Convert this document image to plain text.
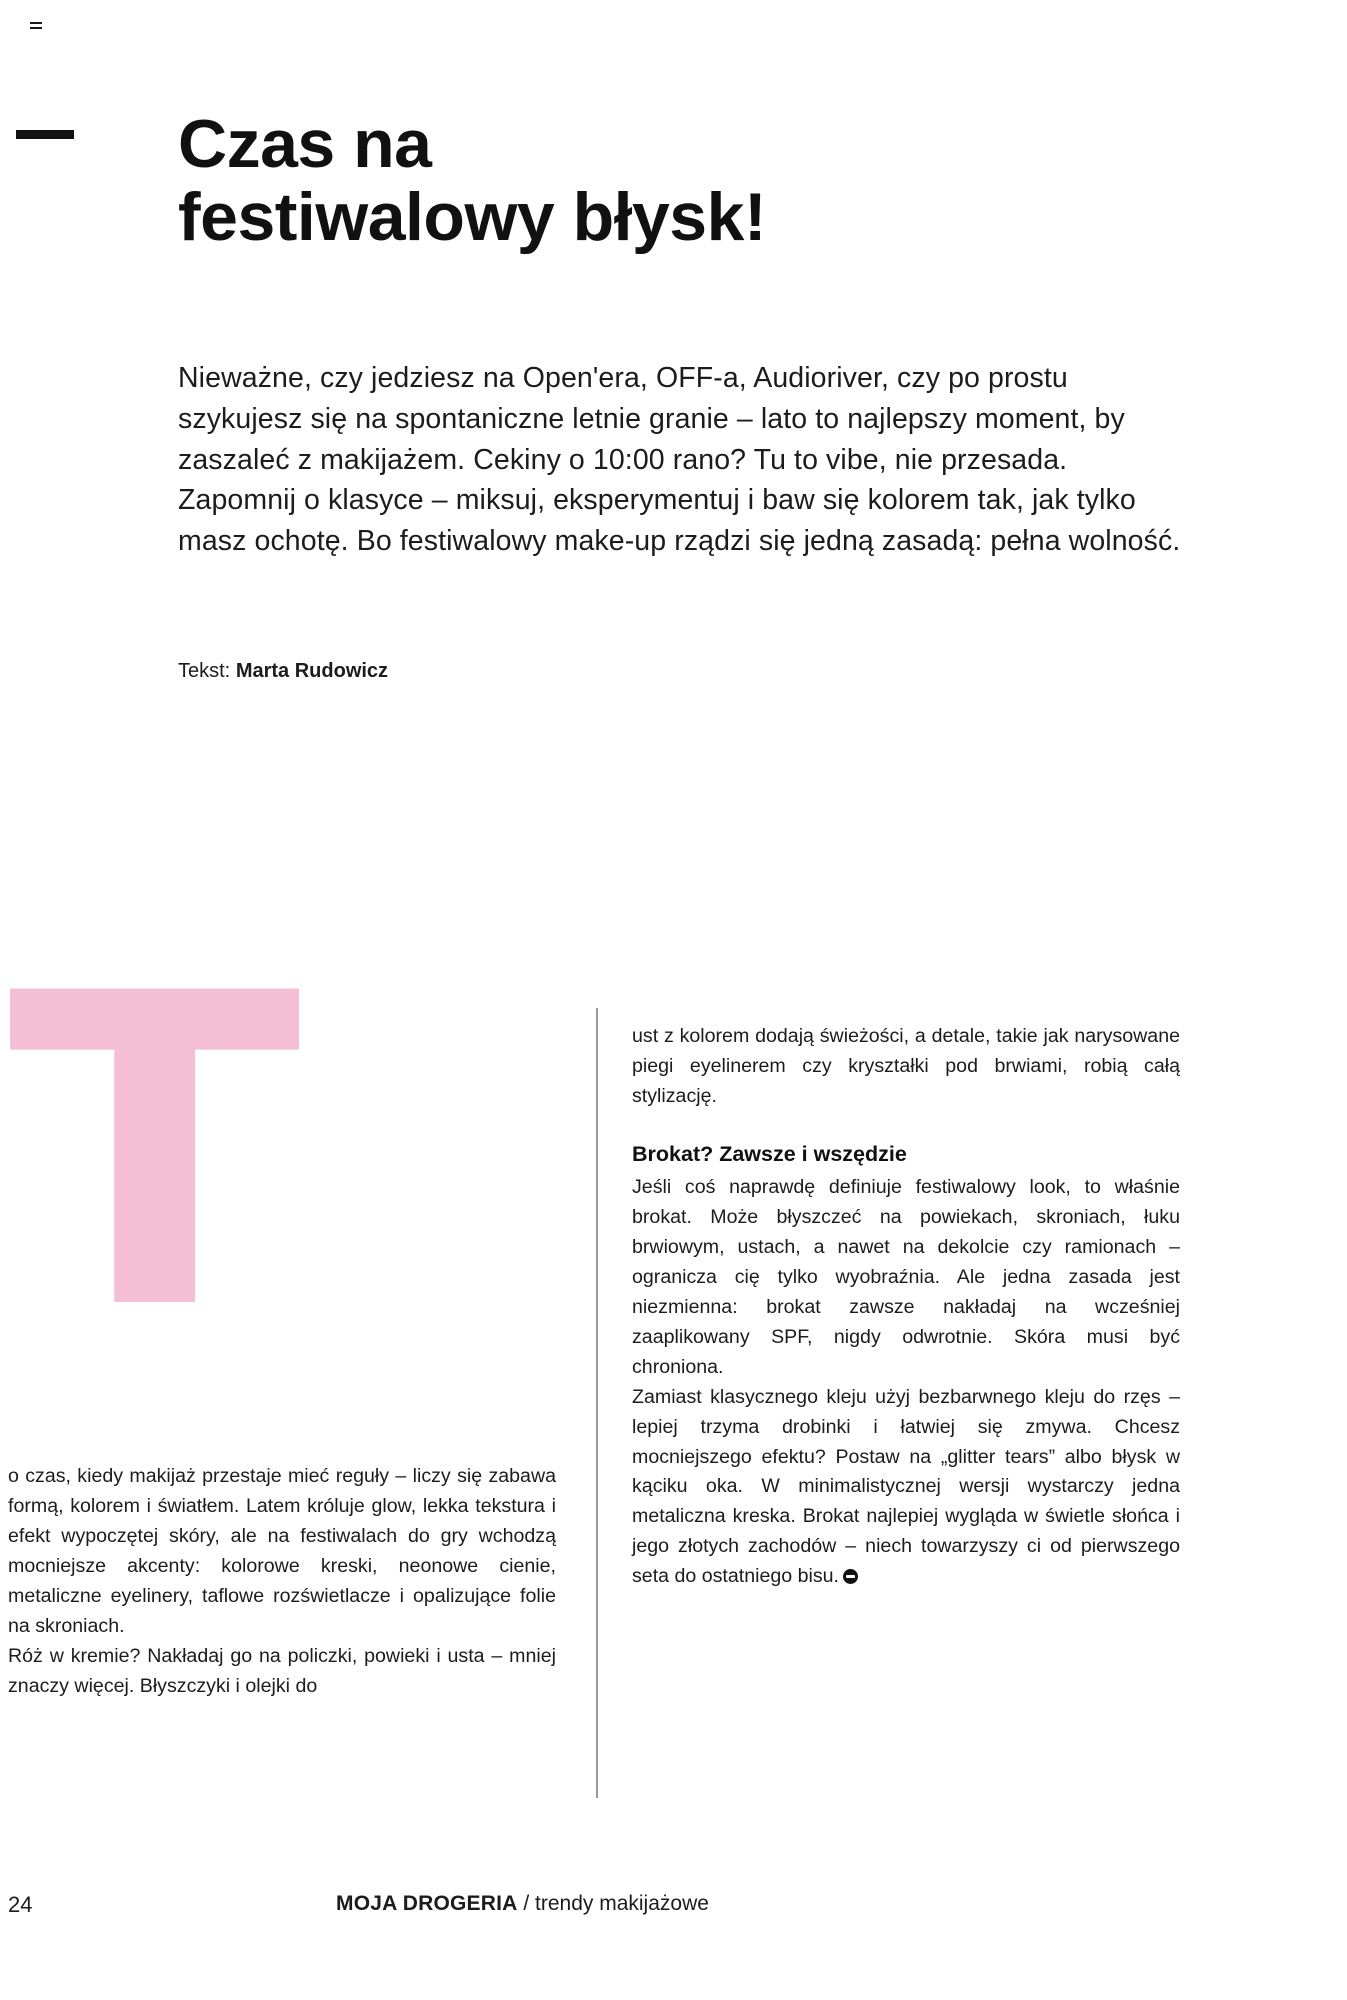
Czas na
festiwalowy błysk!
Nieważne, czy jedziesz na Open'era, OFF-a, Audioriver, czy po prostu szykujesz się na spontaniczne letnie granie – lato to najlepszy moment, by zaszaleć z makijażem. Cekiny o 10:00 rano? Tu to vibe, nie przesada. Zapomnij o klasyce – miksuj, eksperymentuj i baw się kolorem tak, jak tylko masz ochotę. Bo festiwalowy make-up rządzi się jedną zasadą: pełna wolność.
Tekst: Marta Rudowicz
T

o czas, kiedy makijaż przestaje mieć reguły – liczy się zabawa formą, kolorem i światłem. Latem króluje glow, lekka tekstura i efekt wypoczętej skóry, ale na festiwalach do gry wchodzą mocniejsze akcenty: kolorowe kreski, neonowe cienie, metaliczne eyelinery, taflowe rozświetlacze i opalizujące folie na skroniach.

Róż w kremie? Nakładaj go na policzki, powieki i usta – mniej znaczy więcej. Błyszczyki i olejki do

ust z kolorem dodają świeżości, a detale, takie jak narysowane piegi eyelinerem czy kryształki pod brwiami, robią całą stylizację.

Brokat? Zawsze i wszędzie

Jeśli coś naprawdę definiuje festiwalowy look, to właśnie brokat. Może błyszczeć na powiekach, skroniach, łuku brwiowym, ustach, a nawet na dekolcie czy ramionach – ogranicza cię tylko wyobraźnia. Ale jedna zasada jest niezmienna: brokat zawsze nakładaj na wcześniej zaaplikowany SPF, nigdy odwrotnie. Skóra musi być chroniona.

Zamiast klasycznego kleju użyj bezbarwnego kleju do rzęs – lepiej trzyma drobinki i łatwiej się zmywa. Chcesz mocniejszego efektu? Postaw na „glitter tears” albo błysk w kąciku oka. W minimalistycznej wersji wystarczy jedna metaliczna kreska. Brokat najlepiej wygląda w świetle słońca i jego złotych zachodów – niech towarzyszy ci od pierwszego seta do ostatniego bisu.

24	MOJA DROGERIA / trendy makijażowe
